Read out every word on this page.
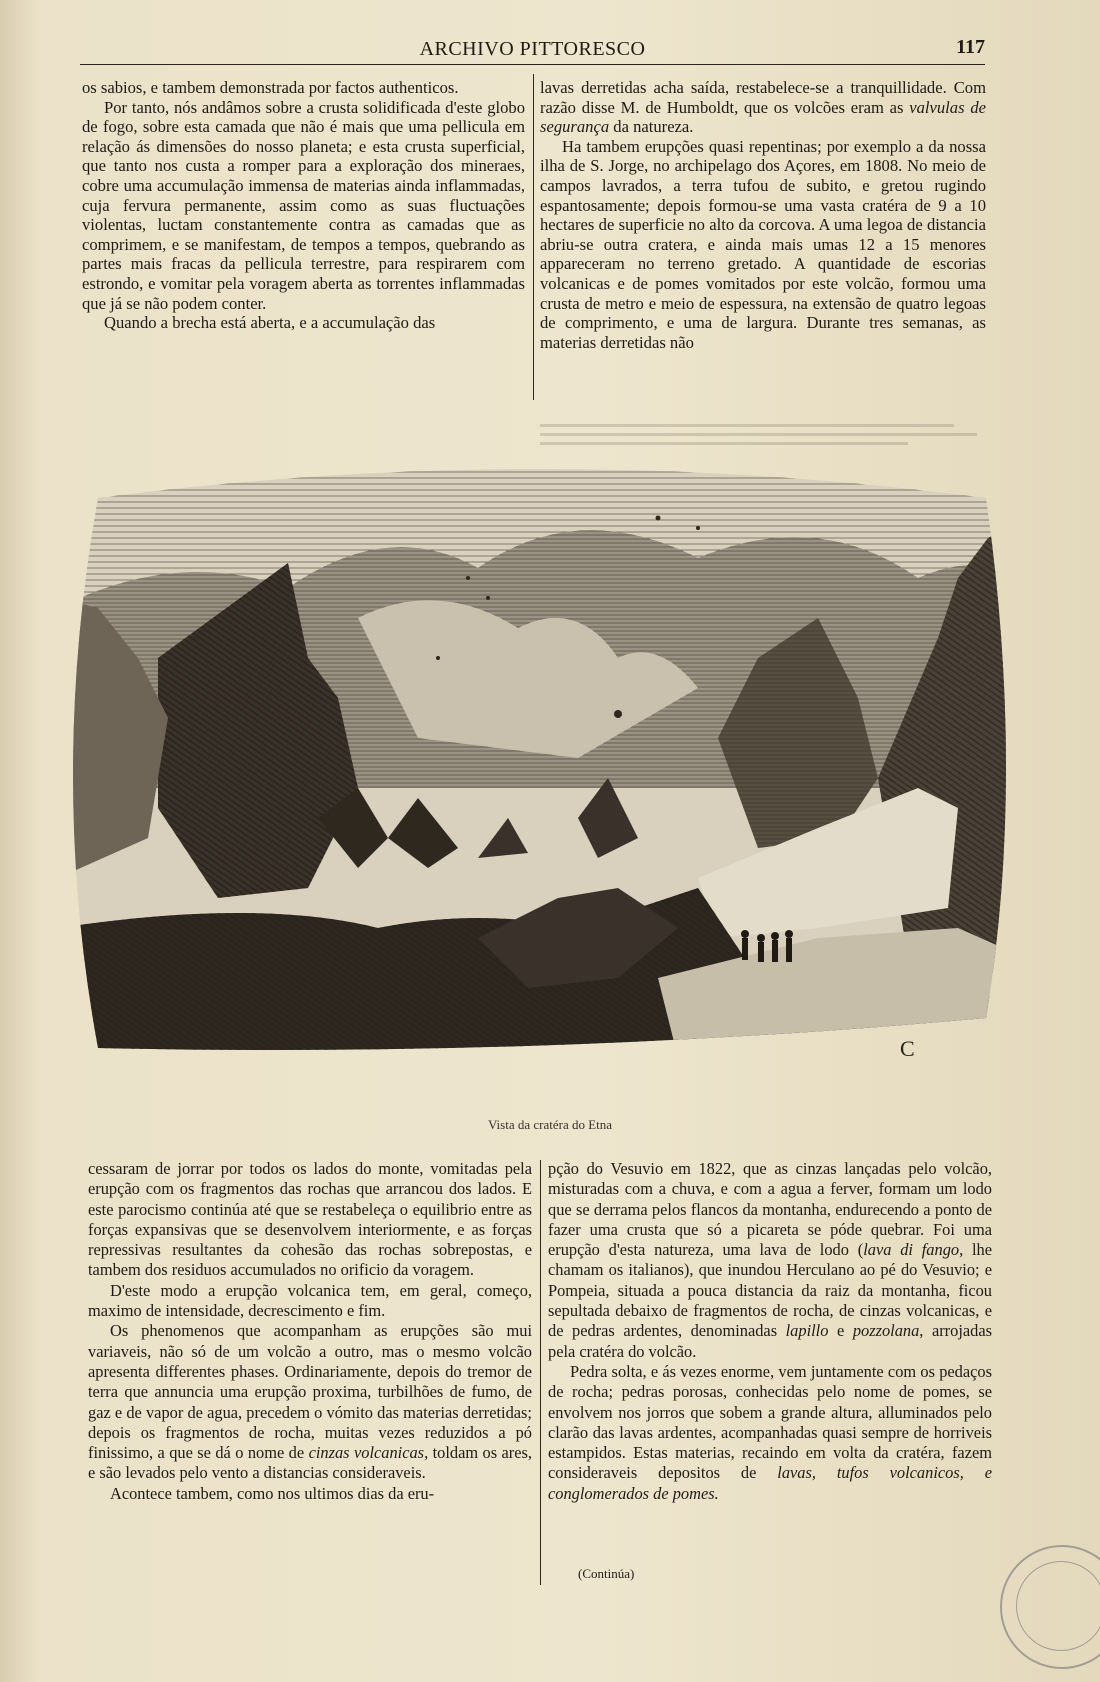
ARCHIVO PITTORESCO	117

os sabios, e tambem demonstrada por factos authenticos.

Por tanto, nós andâmos sobre a crusta solidificada d'este globo de fogo, sobre esta camada que não é mais que uma pellicula em relação ás dimensões do nosso planeta; e esta crusta superficial, que tanto nos custa a romper para a exploração dos mineraes, cobre uma accumulação immensa de materias ainda inflammadas, cuja fervura permanente, assim como as suas fluctuações violentas, luctam constantemente contra as camadas que as comprimem, e se manifestam, de tempos a tempos, quebrando as partes mais fracas da pellicula terrestre, para respirarem com estrondo, e vomitar pela voragem aberta as torrentes inflammadas que já se não podem conter.

Quando a brecha está aberta, e a accumulação das

lavas derretidas acha saída, restabelece-se a tranquillidade. Com razão disse M. de Humboldt, que os volcões eram as valvulas de segurança da natureza.

Ha tambem erupções quasi repentinas; por exemplo a da nossa ilha de S. Jorge, no archipelago dos Açores, em 1808. No meio de campos lavrados, a terra tufou de subito, e gretou rugindo espantosamente; depois formou-se uma vasta cratéra de 9 a 10 hectares de superficie no alto da corcova. A uma legoa de distancia abriu-se outra cratera, e ainda mais umas 12 a 15 menores appareceram no terreno gretado. A quantidade de escorias volcanicas e de pomes vomitados por este volcão, formou uma crusta de metro e meio de espessura, na extensão de quatro legoas de comprimento, e uma de largura. Durante tres semanas, as materias derretidas não

C
Vista da cratéra do Etna

cessaram de jorrar por todos os lados do monte, vomitadas pela erupção com os fragmentos das rochas que arrancou dos lados. E este parocismo continúa até que se restabeleça o equilibrio entre as forças expansivas que se desenvolvem interiormente, e as forças repressivas resultantes da cohesão das rochas sobrepostas, e tambem dos residuos accumulados no orificio da voragem.

D'este modo a erupção volcanica tem, em geral, começo, maximo de intensidade, decrescimento e fim.

Os phenomenos que acompanham as erupções são mui variaveis, não só de um volcão a outro, mas o mesmo volcão apresenta differentes phases. Ordinariamente, depois do tremor de terra que annuncia uma erupção proxima, turbilhões de fumo, de gaz e de vapor de agua, precedem o vómito das materias derretidas; depois os fragmentos de rocha, muitas vezes reduzidos a pó finissimo, a que se dá o nome de cinzas volcanicas, toldam os ares, e são levados pelo vento a distancias consideraveis.

Acontece tambem, como nos ultimos dias da eru-

pção do Vesuvio em 1822, que as cinzas lançadas pelo volcão, misturadas com a chuva, e com a agua a ferver, formam um lodo que se derrama pelos flancos da montanha, endurecendo a ponto de fazer uma crusta que só a picareta se póde quebrar. Foi uma erupção d'esta natureza, uma lava de lodo (lava di fango, lhe chamam os italianos), que inundou Herculano ao pé do Vesuvio; e Pompeia, situada a pouca distancia da raiz da montanha, ficou sepultada debaixo de fragmentos de rocha, de cinzas volcanicas, e de pedras ardentes, denominadas lapillo e pozzolana, arrojadas pela cratéra do volcão.

Pedra solta, e ás vezes enorme, vem juntamente com os pedaços de rocha; pedras porosas, conhecidas pelo nome de pomes, se envolvem nos jorros que sobem a grande altura, alluminados pelo clarão das lavas ardentes, acompanhadas quasi sempre de horriveis estampidos. Estas materias, recaindo em volta da cratéra, fazem consideraveis depositos de lavas, tufos volcanicos, e conglomerados de pomes.

(Continúa)
